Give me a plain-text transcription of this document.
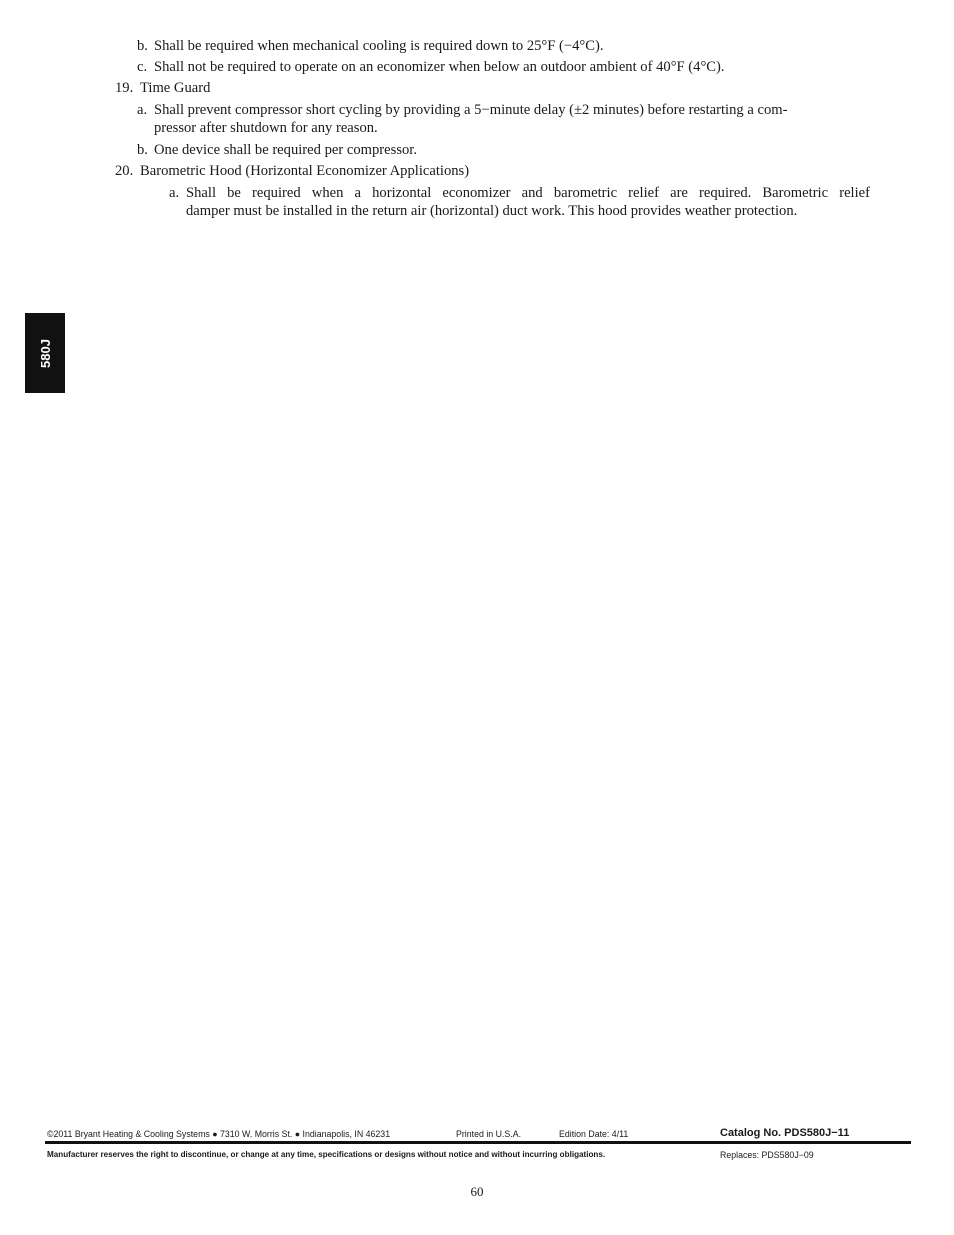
b. Shall be required when mechanical cooling is required down to 25°F (−4°C).
c. Shall not be required to operate on an economizer when below an outdoor ambient of 40°F (4°C).
19. Time Guard
a. Shall prevent compressor short cycling by providing a 5−minute delay (±2 minutes) before restarting a com-
pressor after shutdown for any reason.
b. One device shall be required per compressor.
20. Barometric Hood (Horizontal Economizer Applications)
a. Shall be required when a horizontal economizer and barometric relief are required. Barometric relief
damper must be installed in the return air (horizontal) duct work. This hood provides weather protection.
580J
©2011 Bryant Heating & Cooling Systems ● 7310 W. Morris St. ● Indianapolis, IN 46231	Printed in U.S.A.	Edition Date: 4/11	Catalog No. PDS580J−11
Manufacturer reserves the right to discontinue, or change at any time, specifications or designs without notice and without incurring obligations.	Replaces: PDS580J−09
60
